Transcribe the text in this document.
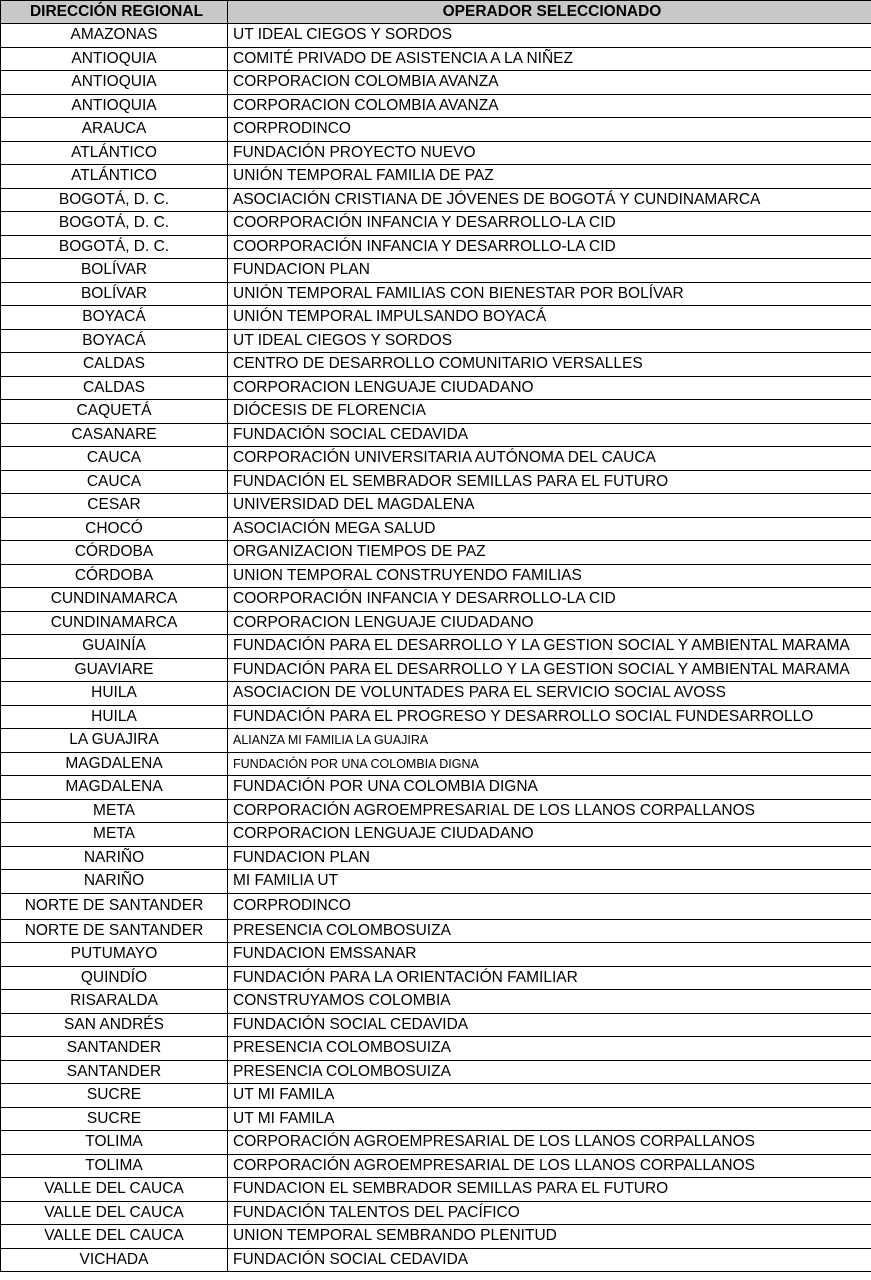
DIRECCIÓN REGIONAL	OPERADOR SELECCIONADO
AMAZONAS	UT IDEAL CIEGOS Y SORDOS
ANTIOQUIA	COMITÉ PRIVADO DE ASISTENCIA A LA NIÑEZ
ANTIOQUIA	CORPORACION COLOMBIA AVANZA
ANTIOQUIA	CORPORACION COLOMBIA AVANZA
ARAUCA	CORPRODINCO
ATLÁNTICO	FUNDACIÓN PROYECTO NUEVO
ATLÁNTICO	UNIÓN TEMPORAL FAMILIA DE PAZ
BOGOTÁ, D. C.	ASOCIACIÓN CRISTIANA DE JÓVENES DE BOGOTÁ Y CUNDINAMARCA
BOGOTÁ, D. C.	COORPORACIÓN INFANCIA Y DESARROLLO-LA CID
BOGOTÁ, D. C.	COORPORACIÓN INFANCIA Y DESARROLLO-LA CID
BOLÍVAR	FUNDACION PLAN
BOLÍVAR	UNIÓN TEMPORAL FAMILIAS CON BIENESTAR POR BOLÍVAR
BOYACÁ	UNIÓN TEMPORAL IMPULSANDO BOYACÁ
BOYACÁ	UT IDEAL CIEGOS Y SORDOS
CALDAS	CENTRO DE DESARROLLO COMUNITARIO VERSALLES
CALDAS	CORPORACION LENGUAJE CIUDADANO
CAQUETÁ	DIÓCESIS DE FLORENCIA
CASANARE	FUNDACIÓN SOCIAL CEDAVIDA
CAUCA	CORPORACIÓN UNIVERSITARIA AUTÓNOMA DEL CAUCA
CAUCA	FUNDACIÓN EL SEMBRADOR SEMILLAS PARA EL FUTURO
CESAR	UNIVERSIDAD DEL MAGDALENA
CHOCÓ	ASOCIACIÓN MEGA SALUD
CÓRDOBA	ORGANIZACION TIEMPOS DE PAZ
CÓRDOBA	UNION TEMPORAL CONSTRUYENDO FAMILIAS
CUNDINAMARCA	COORPORACIÓN INFANCIA Y DESARROLLO-LA CID
CUNDINAMARCA	CORPORACION LENGUAJE CIUDADANO
GUAINÍA	FUNDACIÓN PARA EL DESARROLLO Y LA GESTION SOCIAL Y AMBIENTAL MARAMA
GUAVIARE	FUNDACIÓN PARA EL DESARROLLO Y LA GESTION SOCIAL Y AMBIENTAL MARAMA
HUILA	ASOCIACION DE VOLUNTADES PARA EL SERVICIO SOCIAL AVOSS
HUILA	FUNDACIÓN PARA EL PROGRESO Y DESARROLLO SOCIAL FUNDESARROLLO
LA GUAJIRA	ALIANZA MI FAMILIA LA GUAJIRA
MAGDALENA	FUNDACIÓN POR UNA COLOMBIA DIGNA
MAGDALENA	FUNDACIÓN POR UNA COLOMBIA DIGNA
META	CORPORACIÓN AGROEMPRESARIAL DE LOS LLANOS CORPALLANOS
META	CORPORACION LENGUAJE CIUDADANO
NARIÑO	FUNDACION PLAN
NARIÑO	MI FAMILIA UT
NORTE DE SANTANDER	CORPRODINCO
NORTE DE SANTANDER	PRESENCIA COLOMBOSUIZA
PUTUMAYO	FUNDACION EMSSANAR
QUINDÍO	FUNDACIÓN PARA LA ORIENTACIÓN FAMILIAR
RISARALDA	CONSTRUYAMOS COLOMBIA
SAN ANDRÉS	FUNDACIÓN SOCIAL CEDAVIDA
SANTANDER	PRESENCIA COLOMBOSUIZA
SANTANDER	PRESENCIA COLOMBOSUIZA
SUCRE	UT MI FAMILA
SUCRE	UT MI FAMILA
TOLIMA	CORPORACIÓN AGROEMPRESARIAL DE LOS LLANOS CORPALLANOS
TOLIMA	CORPORACIÓN AGROEMPRESARIAL DE LOS LLANOS CORPALLANOS
VALLE DEL CAUCA	FUNDACION EL SEMBRADOR SEMILLAS PARA EL FUTURO
VALLE DEL CAUCA	FUNDACIÓN TALENTOS DEL PACÍFICO
VALLE DEL CAUCA	UNION TEMPORAL SEMBRANDO PLENITUD
VICHADA	FUNDACIÓN SOCIAL CEDAVIDA
